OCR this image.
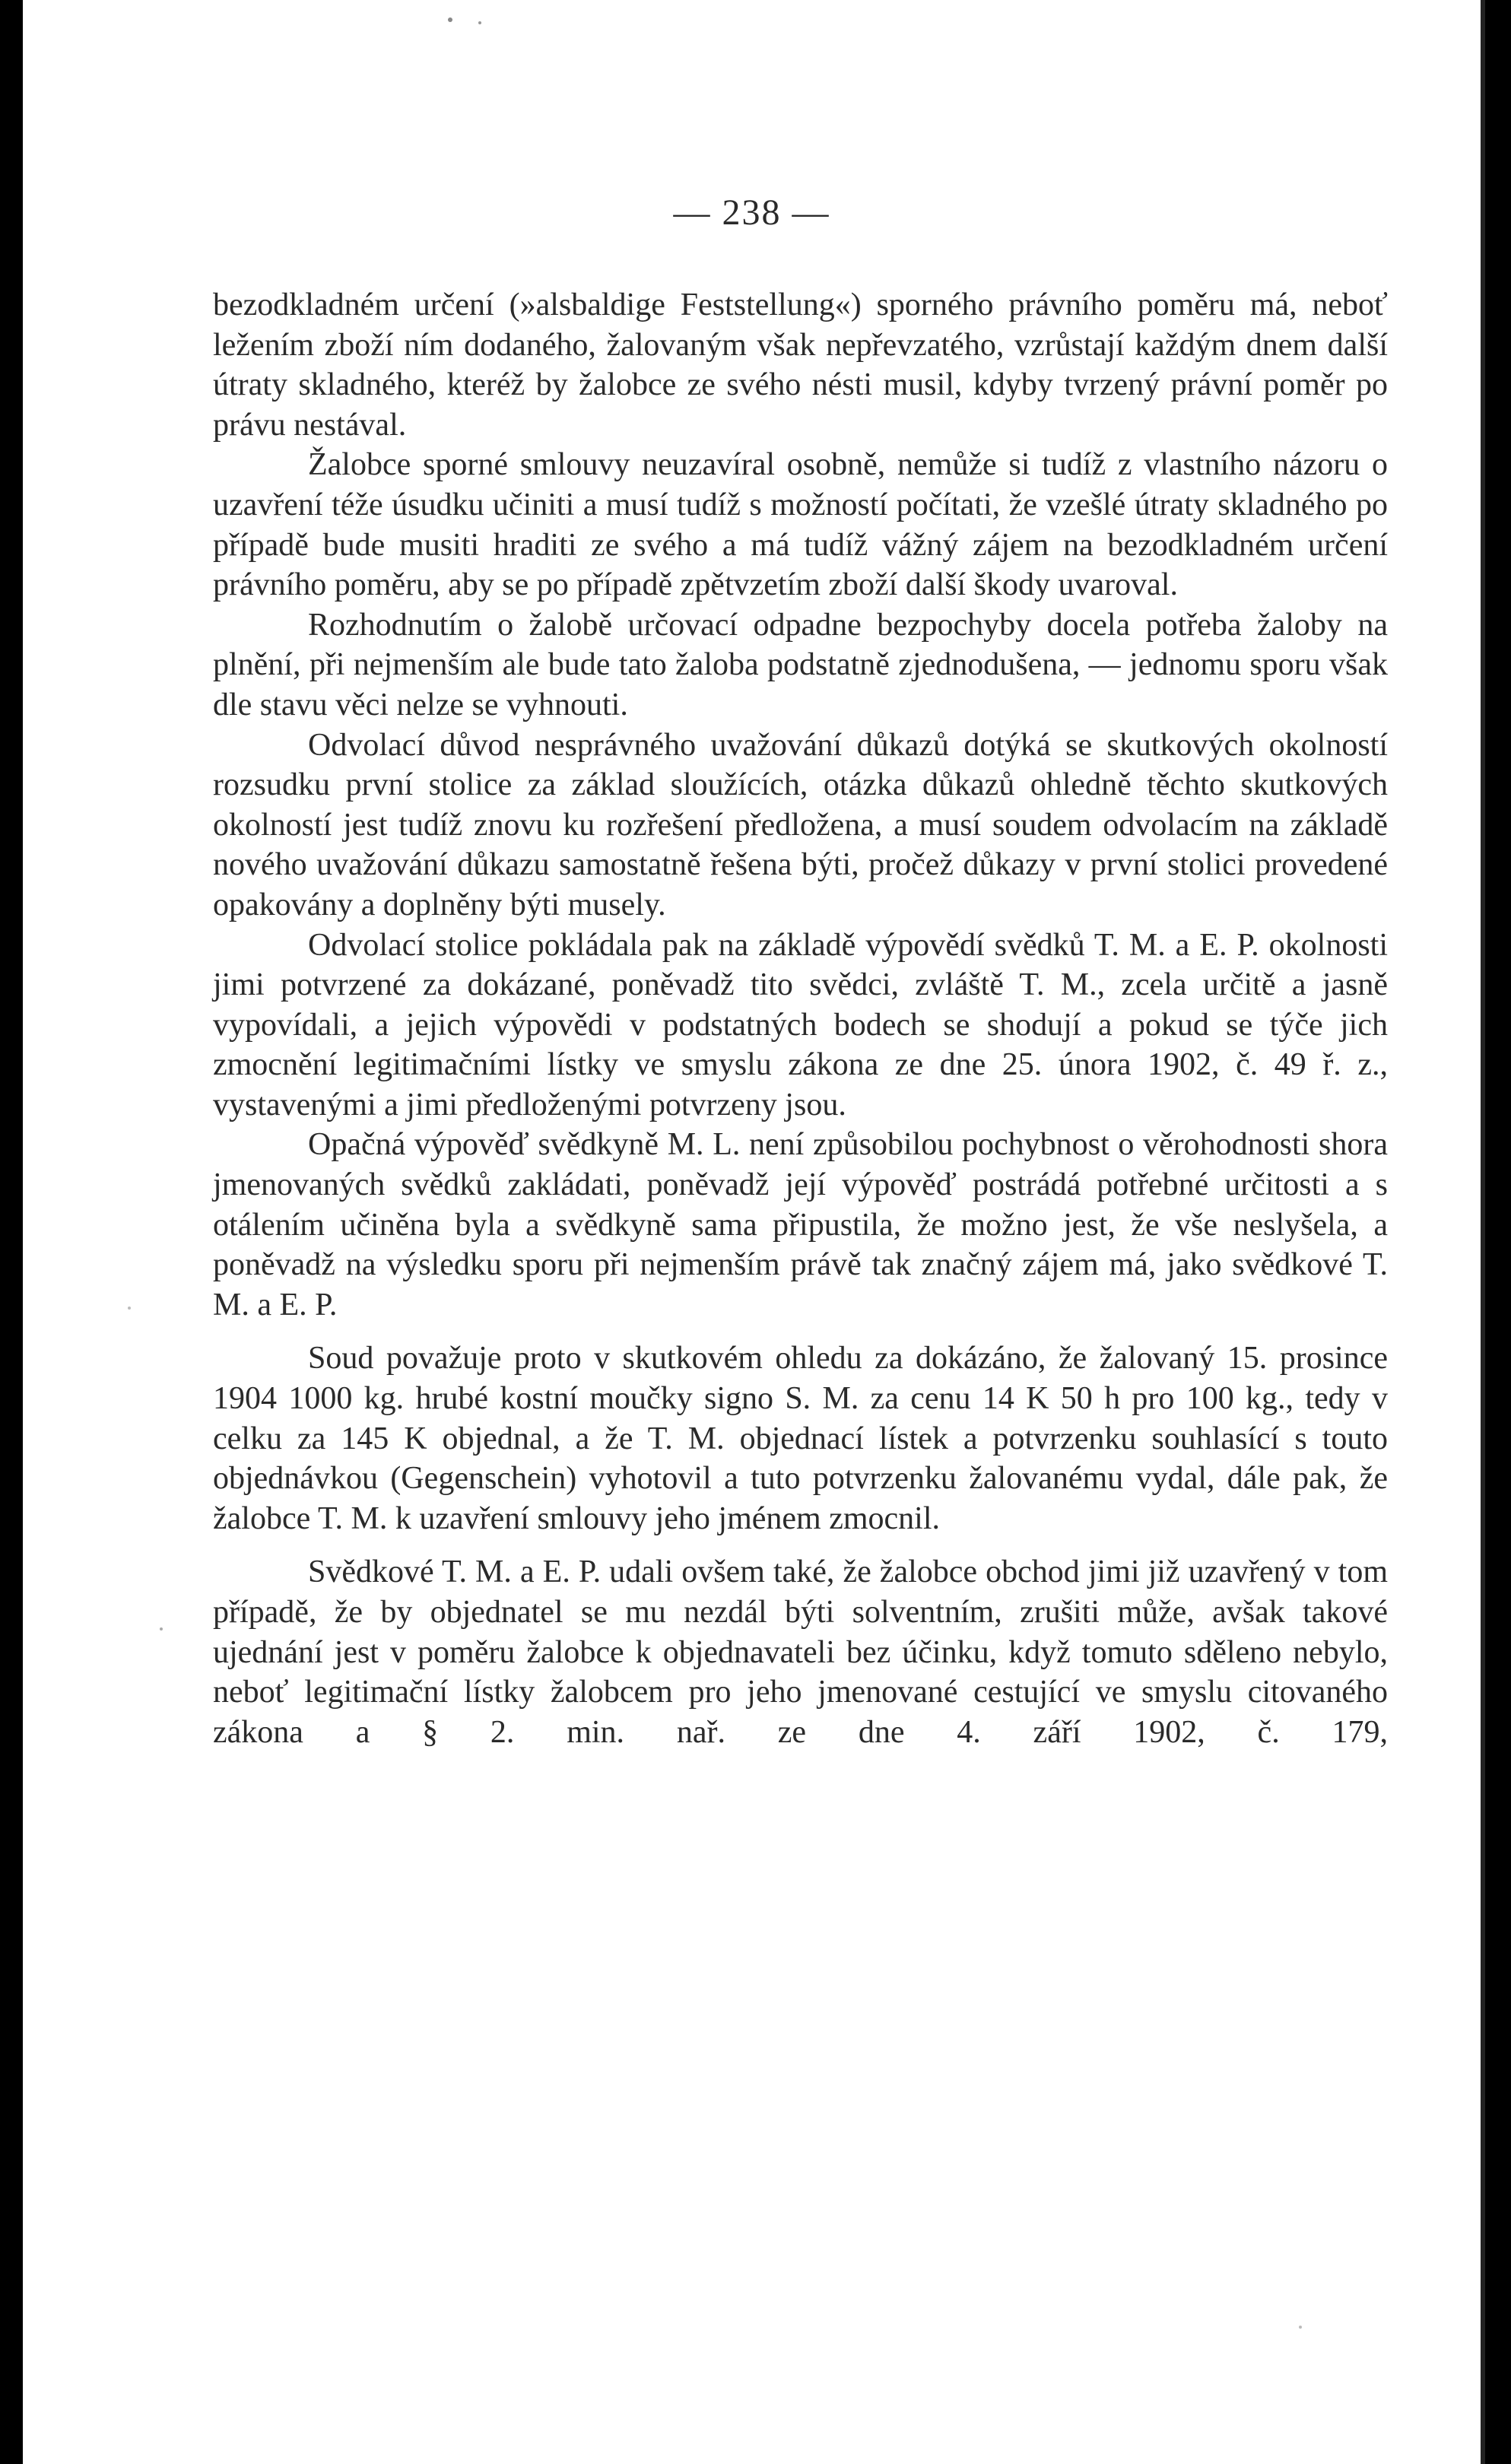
— 238 —

bezodkladném určení (»alsbaldige Feststellung«) sporného právního poměru má, neboť ležením zboží ním dodaného, žalovaným však nepřevzatého, vzrůstají každým dnem další útraty skladného, kteréž by žalobce ze svého nésti musil, kdyby tvrzený právní poměr po právu nestával.

Žalobce sporné smlouvy neuzavíral osobně, nemůže si tudíž z vlastního názoru o uzavření téže úsudku učiniti a musí tudíž s možností počítati, že vzešlé útraty skladného po případě bude musiti hraditi ze svého a má tudíž vážný zájem na bezodkladném určení právního poměru, aby se po případě zpětvzetím zboží další škody uvaroval.

Rozhodnutím o žalobě určovací odpadne bezpochyby docela potřeba žaloby na plnění, při nejmenším ale bude tato žaloba podstatně zjednodušena, — jednomu sporu však dle stavu věci nelze se vyhnouti.

Odvolací důvod nesprávného uvažování důkazů dotýká se skutkových okolností rozsudku první stolice za základ sloužících, otázka důkazů ohledně těchto skutkových okolností jest tudíž znovu ku rozřešení předložena, a musí soudem odvolacím na základě nového uvažování důkazu samostatně řešena býti, pročež důkazy v první stolici provedené opakovány a doplněny býti musely.

Odvolací stolice pokládala pak na základě výpovědí svědků T. M. a E. P. okolnosti jimi potvrzené za dokázané, poněvadž tito svědci, zvláště T. M., zcela určitě a jasně vypovídali, a jejich výpovědi v podstatných bodech se shodují a pokud se týče jich zmocnění legitimačními lístky ve smyslu zákona ze dne 25. února 1902, č. 49 ř. z., vystavenými a jimi předloženými potvrzeny jsou.

Opačná výpověď svědkyně M. L. není způsobilou pochybnost o věrohodnosti shora jmenovaných svědků zakládati, poněvadž její výpověď postrádá potřebné určitosti a s otálením učiněna byla a svědkyně sama připustila, že možno jest, že vše neslyšela, a poněvadž na výsledku sporu při nejmenším právě tak značný zájem má, jako svědkové T. M. a E. P.

Soud považuje proto v skutkovém ohledu za dokázáno, že žalovaný 15. prosince 1904 1000 kg. hrubé kostní moučky signo S. M. za cenu 14 K 50 h pro 100 kg., tedy v celku za 145 K objednal, a že T. M. objednací lístek a potvrzenku souhlasící s touto objednávkou (Gegenschein) vyhotovil a tuto potvrzenku žalovanému vydal, dále pak, že žalobce T. M. k uzavření smlouvy jeho jménem zmocnil.

Svědkové T. M. a E. P. udali ovšem také, že žalobce obchod jimi již uzavřený v tom případě, že by objednatel se mu nezdál býti solventním, zrušiti může, avšak takové ujednání jest v poměru žalobce k objednavateli bez účinku, když tomuto sděleno nebylo, neboť legitimační lístky žalobcem pro jeho jmenované cestující ve smyslu citovaného zákona a § 2. min. nař. ze dne 4. září 1902, č. 179,
